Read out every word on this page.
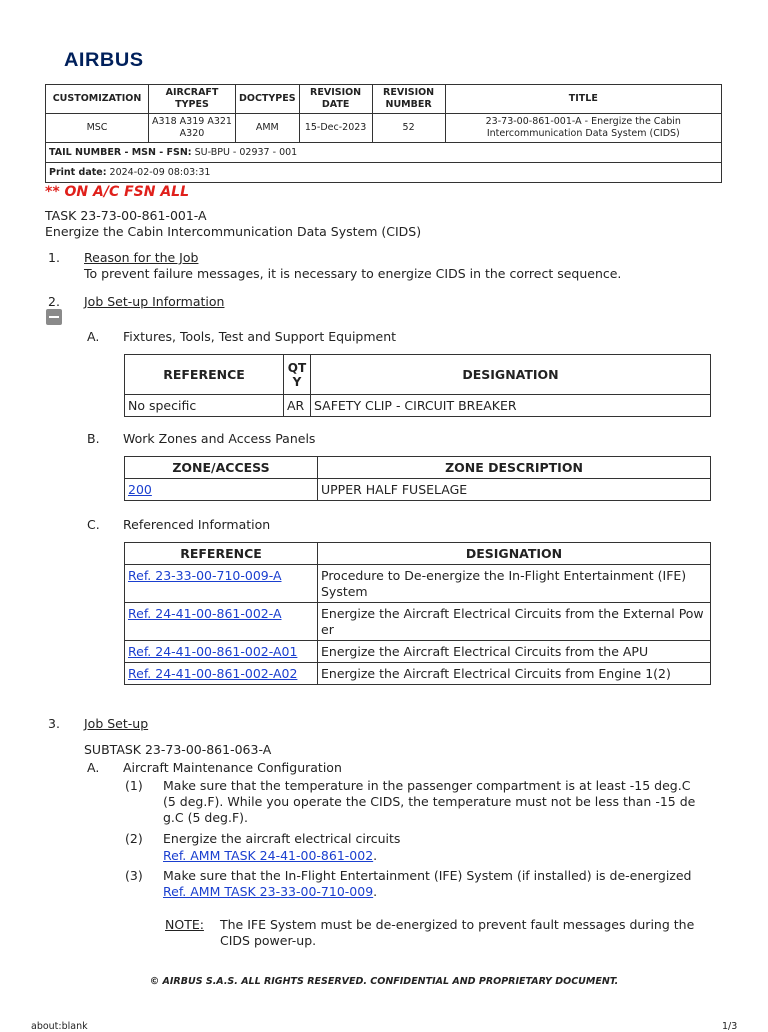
AIRBUS
CUSTOMIZATION	AIRCRAFT TYPES	DOCTYPES	REVISION DATE	REVISION NUMBER	TITLE
MSC	A318 A319 A321 A320	AMM	15-Dec-2023	52	23-73-00-861-001-A - Energize the Cabin Intercommunication Data System (CIDS)
TAIL NUMBER - MSN - FSN: SU-BPU - 02937 - 001					
Print date: 2024-02-09 08:03:31					
** ON A/C FSN ALL
TASK 23-73-00-861-001-A
Energize the Cabin Intercommunication Data System (CIDS)
1. Reason for the Job
To prevent failure messages, it is necessary to energize CIDS in the correct sequence.
2. Job Set-up Information
A. Fixtures, Tools, Test and Support Equipment
REFERENCE	QTY	DESIGNATION
No specific	AR	SAFETY CLIP - CIRCUIT BREAKER
B. Work Zones and Access Panels
ZONE/ACCESS	ZONE DESCRIPTION
200	UPPER HALF FUSELAGE
C. Referenced Information
REFERENCE	DESIGNATION
Ref. 23-33-00-710-009-A	Procedure to De-energize the In-Flight Entertainment (IFE) System
Ref. 24-41-00-861-002-A	Energize the Aircraft Electrical Circuits from the External Power
Ref. 24-41-00-861-002-A01	Energize the Aircraft Electrical Circuits from the APU
Ref. 24-41-00-861-002-A02	Energize the Aircraft Electrical Circuits from Engine 1(2)
3. Job Set-up
SUBTASK 23-73-00-861-063-A
A. Aircraft Maintenance Configuration
(1) Make sure that the temperature in the passenger compartment is at least -15 deg.C
(5 deg.F). While you operate the CIDS, the temperature must not be less than -15 de
g.C (5 deg.F).
(2) Energize the aircraft electrical circuits
Ref. AMM TASK 24-41-00-861-002.
(3) Make sure that the In-Flight Entertainment (IFE) System (if installed) is de-energized
Ref. AMM TASK 23-33-00-710-009.
NOTE: The IFE System must be de-energized to prevent fault messages during the
CIDS power-up.
© AIRBUS S.A.S. ALL RIGHTS RESERVED. CONFIDENTIAL AND PROPRIETARY DOCUMENT.
about:blank	1/3
